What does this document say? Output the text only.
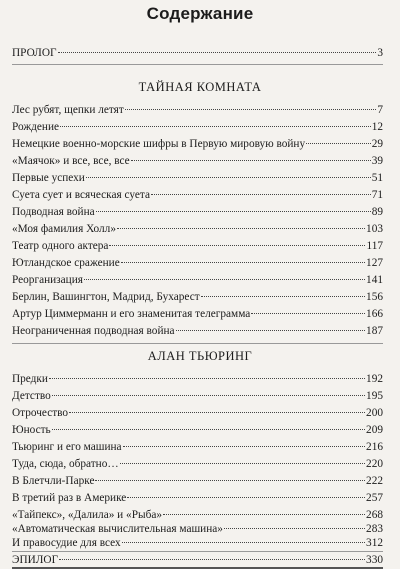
Содержание
ПРОЛОГ	3
ТАЙНАЯ КОМНАТА
Лес рубят, щепки летят	7
Рождение	12
Немецкие военно-морские шифры в Первую мировую войну	29
«Маячок» и все, все, все	39
Первые успехи	51
Суета сует и всяческая суета	71
Подводная война	89
«Моя фамилия Холл»	103
Театр одного актера	117
Ютландское сражение	127
Реорганизация	141
Берлин, Вашингтон, Мадрид, Бухарест	156
Артур Циммерманн и его знаменитая телеграмма	166
Неограниченная подводная война	187
АЛАН ТЬЮРИНГ
Предки	192
Детство	195
Отрочество	200
Юность	209
Тьюринг и его машина	216
Туда, сюда, обратно…	220
В Блетчли-Парке	222
В третий раз в Америке	257
«Тайпекс», «Далила» и «Рыба»	268
«Автоматическая вычислительная машина»	283
И правосудие для всех	312
ЭПИЛОГ	330
